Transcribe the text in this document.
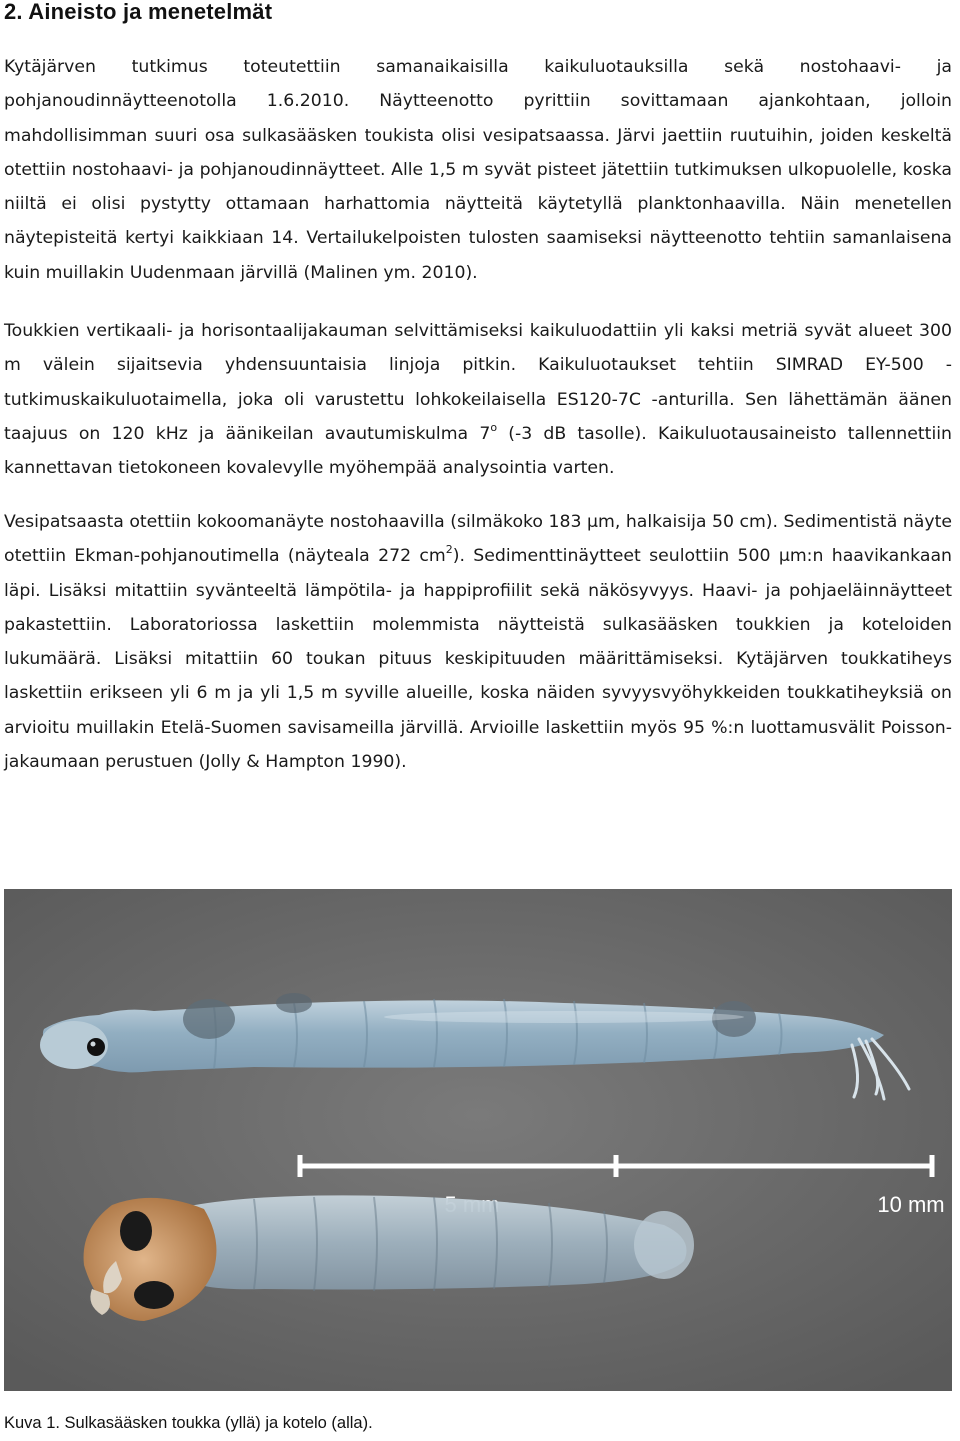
2. Aineisto ja menetelmät

Kytäjärven tutkimus toteutettiin samanaikaisilla kaikuluotauksilla sekä nostohaavi- ja pohjanoudinnäytteenotolla 1.6.2010. Näytteenotto pyrittiin sovittamaan ajankohtaan, jolloin mahdollisimman suuri osa sulkasääsken toukista olisi vesipatsaassa. Järvi jaettiin ruutuihin, joiden keskeltä otettiin nostohaavi- ja pohjanoudinnäytteet. Alle 1,5 m syvät pisteet jätettiin tutkimuksen ulkopuolelle, koska niiltä ei olisi pystytty ottamaan harhattomia näytteitä käytetyllä planktonhaavilla. Näin menetellen näytepisteitä kertyi kaikkiaan 14. Vertailukelpoisten tulosten saamiseksi näytteenotto tehtiin samanlaisena kuin muillakin Uudenmaan järvillä (Malinen ym. 2010).

Toukkien vertikaali- ja horisontaalijakauman selvittämiseksi kaikuluodattiin yli kaksi metriä syvät alueet 300 m välein sijaitsevia yhdensuuntaisia linjoja pitkin. Kaikuluotaukset tehtiin SIMRAD EY-500 -tutkimuskaikuluotaimella, joka oli varustettu lohkokeilaisella ES120-7C -anturilla. Sen lähettämän äänen taajuus on 120 kHz ja äänikeilan avautumiskulma 7$^o$ (-3 dB tasolle). Kaikuluotausaineisto tallennettiin kannettavan tietokoneen kovalevylle myöhempää analysointia varten.

Vesipatsaasta otettiin kokoomanäyte nostohaavilla (silmäkoko 183 µm, halkaisija 50 cm). Sedimentistä näyte otettiin Ekman-pohjanoutimella (näyteala 272 $cm^2$). Sedimenttinäytteet seulottiin 500 µm:n haavikankaan läpi. Lisäksi mitattiin syvänteeltä lämpötila- ja happiprofiilit sekä näkösyvyys. Haavi- ja pohjaeläinnäytteet pakastettiin. Laboratoriossa laskettiin molemmista näytteistä sulkasääsken toukkien ja koteloiden lukumäärä. Lisäksi mitattiin 60 toukan pituus keskipituuden määrittämiseksi. Kytäjärven toukkatiheys laskettiin erikseen yli 6 m ja yli 1,5 m syville alueille, koska näiden syvyysvyöhykkeiden toukkatiheyksiä on arvioitu muillakin Etelä-Suomen savisameilla järvillä. Arvioille laskettiin myös 95 %:n luottamusvälit Poisson-jakaumaan perustuen (Jolly & Hampton 1990).

10 mm

Kuva 1. Sulkasääsken toukka (yllä) ja kotelo (alla).
